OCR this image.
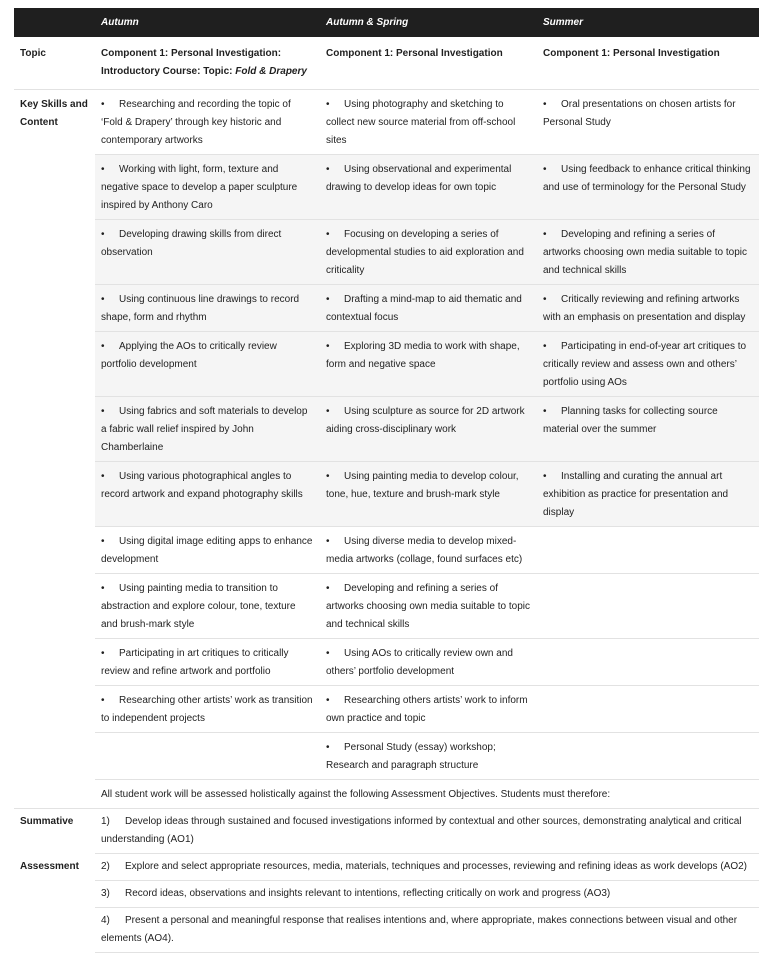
	Autumn	Autumn & Spring	Summer
Topic	Component 1: Personal Investigation: Introductory Course: Topic: Fold & Drapery	Component 1: Personal Investigation	Component 1: Personal Investigation
Key Skills and Content	• Researching and recording the topic of ‘Fold & Drapery’ through key historic and contemporary artworks	• Using photography and sketching to collect new source material from off-school sites	• Oral presentations on chosen artists for Personal Study
	• Working with light, form, texture and negative space to develop a paper sculpture inspired by Anthony Caro	• Using observational and experimental drawing to develop ideas for own topic	• Using feedback to enhance critical thinking and use of terminology for the Personal Study
	• Developing drawing skills from direct observation	• Focusing on developing a series of developmental studies to aid exploration and criticality	• Developing and refining a series of artworks choosing own media suitable to topic and technical skills
	• Using continuous line drawings to record shape, form and rhythm	• Drafting a mind-map to aid thematic and contextual focus	• Critically reviewing and refining artworks with an emphasis on presentation and display
	• Applying the AOs to critically review portfolio development	• Exploring 3D media to work with shape, form and negative space	• Participating in end-of-year art critiques to critically review and assess own and others’ portfolio using AOs
	• Using fabrics and soft materials to develop a fabric wall relief inspired by John Chamberlaine	• Using sculpture as source for 2D artwork aiding cross-disciplinary work	• Planning tasks for collecting source material over the summer
	• Using various photographical angles to record artwork and expand photography skills	• Using painting media to develop colour, tone, hue, texture and brush-mark style	• Installing and curating the annual art exhibition as practice for presentation and display
	• Using digital image editing apps to enhance development	• Using diverse media to develop mixed-media artworks (collage, found surfaces etc)	
	• Using painting media to transition to abstraction and explore colour, tone, texture and brush-mark style	• Developing and refining a series of artworks choosing own media suitable to topic and technical skills	
	• Participating in art critiques to critically review and refine artwork and portfolio	• Using AOs to critically review own and others’ portfolio development	
	• Researching other artists’ work as transition to independent projects	• Researching others artists’ work to inform own practice and topic	
		• Personal Study (essay) workshop; Research and paragraph structure	
	All student work will be assessed holistically against the following Assessment Objectives. Students must therefore:		
Summative	1) Develop ideas through sustained and focused investigations informed by contextual and other sources, demonstrating analytical and critical understanding (AO1)		
Assessment	2) Explore and select appropriate resources, media, materials, techniques and processes, reviewing and refining ideas as work develops (AO2)		
	3) Record ideas, observations and insights relevant to intentions, reflecting critically on work and progress (AO3)		
	4) Present a personal and meaningful response that realises intentions and, where appropriate, makes connections between visual and other elements (AO4).		
